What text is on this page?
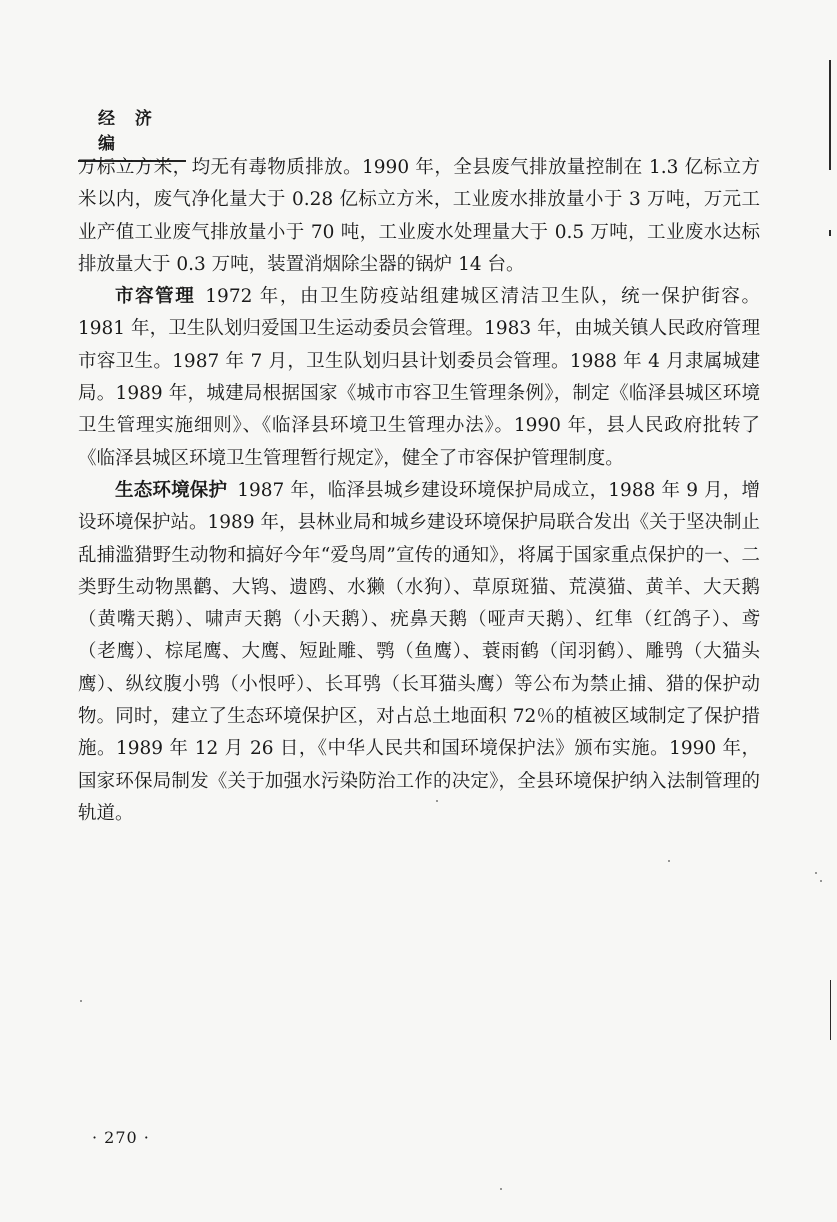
经 济 编

万标立方米，均无有毒物质排放。1990 年，全县废气排放量控制在 1.3 亿标立方米以内，废气净化量大于 0.28 亿标立方米，工业废水排放量小于 3 万吨，万元工业产值工业废气排放量小于 70 吨，工业废水处理量大于 0.5 万吨，工业废水达标排放量大于 0.3 万吨，装置消烟除尘器的锅炉 14 台。

市容管理 1972 年，由卫生防疫站组建城区清洁卫生队，统一保护街容。1981 年，卫生队划归爱国卫生运动委员会管理。1983 年，由城关镇人民政府管理市容卫生。1987 年 7 月，卫生队划归县计划委员会管理。1988 年 4 月隶属城建局。1989 年，城建局根据国家《城市市容卫生管理条例》，制定《临泽县城区环境卫生管理实施细则》、《临泽县环境卫生管理办法》。1990 年，县人民政府批转了《临泽县城区环境卫生管理暂行规定》，健全了市容保护管理制度。

生态环境保护 1987 年，临泽县城乡建设环境保护局成立，1988 年 9 月，增设环境保护站。1989 年，县林业局和城乡建设环境保护局联合发出《关于坚决制止乱捕滥猎野生动物和搞好今年“爱鸟周”宣传的通知》，将属于国家重点保护的一、二类野生动物黑鹳、大鸨、遗鸥、水獭（水狗）、草原斑猫、荒漠猫、黄羊、大天鹅（黄嘴天鹅）、啸声天鹅（小天鹅）、疣鼻天鹅（哑声天鹅）、红隼（红鸽子）、鸢（老鹰）、棕尾鹰、大鹰、短趾雕、鹗（鱼鹰）、蓑雨鹤（闰羽鹤）、雕鸮（大猫头鹰）、纵纹腹小鸮（小恨呼）、长耳鸮（长耳猫头鹰）等公布为禁止捕、猎的保护动物。同时，建立了生态环境保护区，对占总土地面积 72％的植被区域制定了保护措施。1989 年 12 月 26 日，《中华人民共和国环境保护法》颁布实施。1990 年，国家环保局制发《关于加强水污染防治工作的决定》，全县环境保护纳入法制管理的轨道。

· 270 ·
